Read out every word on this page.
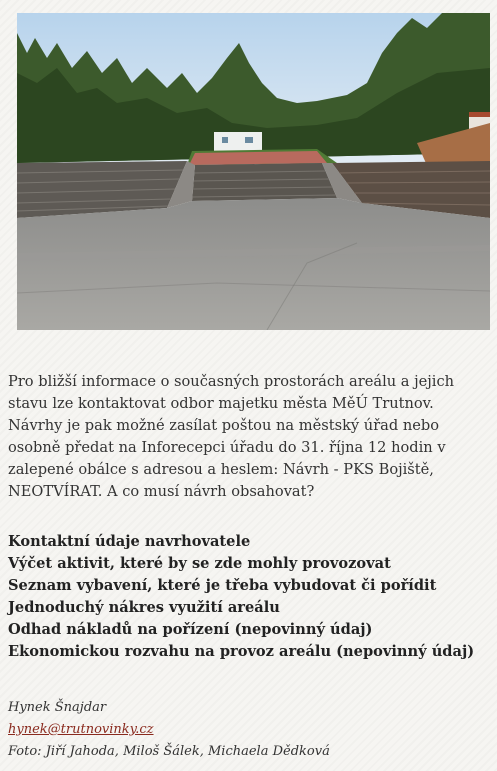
Pro bližší informace o současných prostorách areálu a jejich stavu lze kontaktovat odbor majetku města MěÚ Trutnov. Návrhy je pak možné zasílat poštou na městský úřad nebo osobně předat na Inforecepci úřadu do 31. října 12 hodin v zalepené obálce s adresou a heslem: Návrh - PKS Bojiště, NEOTVÍRAT. A co musí návrh obsahovat?

Kontaktní údaje navrhovatele
Výčet aktivit, které by se zde mohly provozovat
Seznam vybavení, které je třeba vybudovat či pořídit
Jednoduchý nákres využití areálu
Odhad nákladů na pořízení (nepovinný údaj)
Ekonomickou rozvahu na provoz areálu (nepovinný údaj)
Hynek Šnajdar
hynek@trutnovinky.cz
Foto: Jiří Jahoda, Miloš Šálek, Michaela Dědková
